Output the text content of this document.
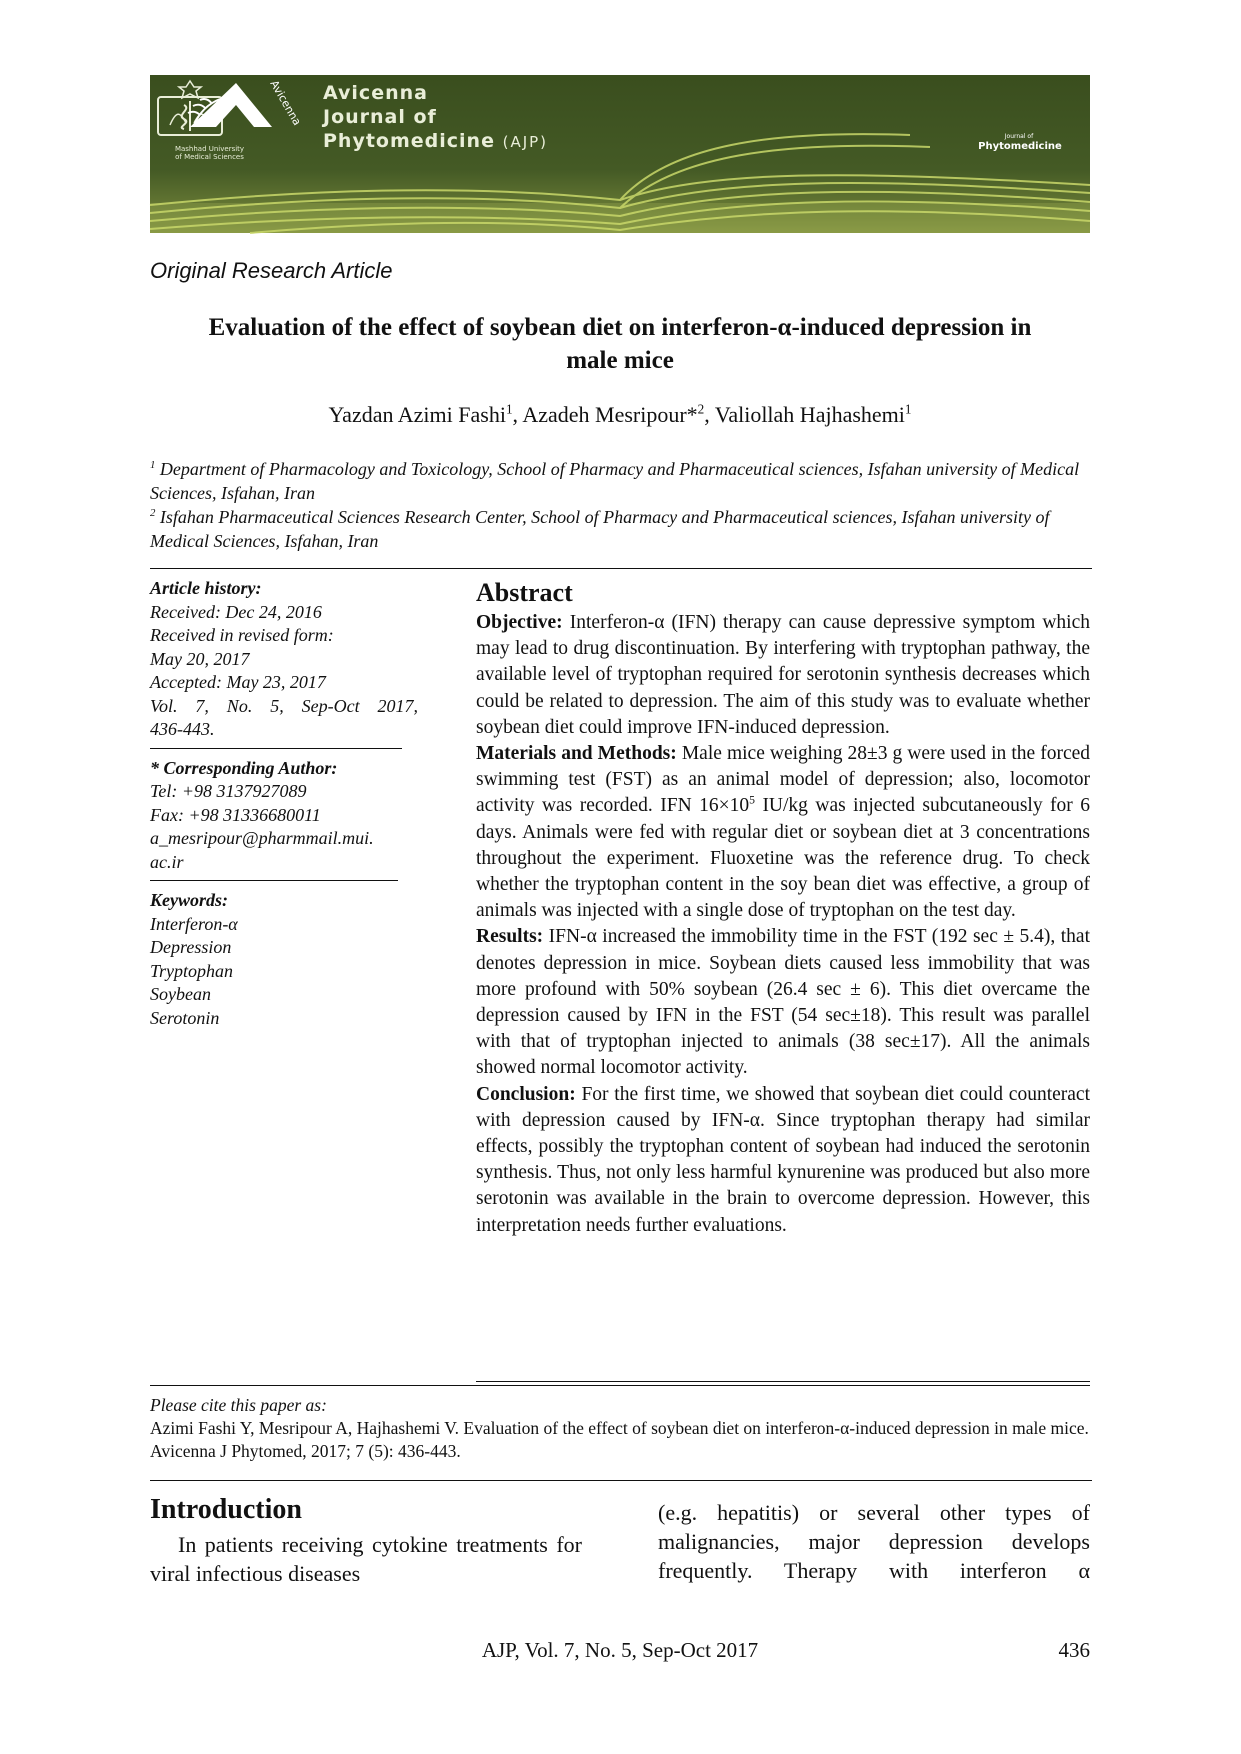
Mashhad University
of Medical Sciences
Avicenna
Journal of
Phytomedicine (AJP)
Avicenna
Journal of
Phytomedicine
Original Research Article
Evaluation of the effect of soybean diet on interferon-α-induced depression in male mice
Yazdan Azimi Fashi$^1$, Azadeh Mesripour*$^2$, Valiollah Hajhashemi$^1$
$^1$ Department of Pharmacology and Toxicology, School of Pharmacy and Pharmaceutical sciences, Isfahan university of Medical Sciences, Isfahan, Iran
$^2$ Isfahan Pharmaceutical Sciences Research Center, School of Pharmacy and Pharmaceutical sciences, Isfahan university of Medical Sciences, Isfahan, Iran
Article history:
Received: Dec 24, 2016
Received in revised form:
May 20, 2017
Accepted: May 23, 2017
Vol. 7, No. 5, Sep-Oct 2017,
436-443.
* Corresponding Author:
Tel: +98 3137927089
Fax: +98 31336680011
a_mesripour@pharmmail.mui.
ac.ir
Keywords:
Interferon-α
Depression
Tryptophan
Soybean
Serotonin
Abstract

Objective: Interferon-α (IFN) therapy can cause depressive symptom which may lead to drug discontinuation. By interfering with tryptophan pathway, the available level of tryptophan required for serotonin synthesis decreases which could be related to depression. The aim of this study was to evaluate whether soybean diet could improve IFN-induced depression.

Materials and Methods: Male mice weighing 28±3 g were used in the forced swimming test (FST) as an animal model of depression; also, locomotor activity was recorded. IFN $16\times 10^5$ IU/kg was injected subcutaneously for 6 days. Animals were fed with regular diet or soybean diet at 3 concentrations throughout the experiment. Fluoxetine was the reference drug. To check whether the tryptophan content in the soy bean diet was effective, a group of animals was injected with a single dose of tryptophan on the test day.

Results: IFN-α increased the immobility time in the FST (192 sec ± 5.4), that denotes depression in mice. Soybean diets caused less immobility that was more profound with 50% soybean (26.4 sec ± 6). This diet overcame the depression caused by IFN in the FST (54 sec±18). This result was parallel with that of tryptophan injected to animals (38 sec±17). All the animals showed normal locomotor activity.

Conclusion: For the first time, we showed that soybean diet could counteract with depression caused by IFN-α. Since tryptophan therapy had similar effects, possibly the tryptophan content of soybean had induced the serotonin synthesis. Thus, not only less harmful kynurenine was produced but also more serotonin was available in the brain to overcome depression. However, this interpretation needs further evaluations.

Please cite this paper as:
Azimi Fashi Y, Mesripour A, Hajhashemi V. Evaluation of the effect of soybean diet on interferon-α-induced depression in male mice. Avicenna J Phytomed, 2017; 7 (5): 436-443.
Introduction
In patients receiving cytokine treatments for viral infectious diseases
(e.g. hepatitis) or several other types of malignancies, major depression develops frequently. Therapy with interferon α
AJP, Vol. 7, No. 5, Sep-Oct 2017	436
